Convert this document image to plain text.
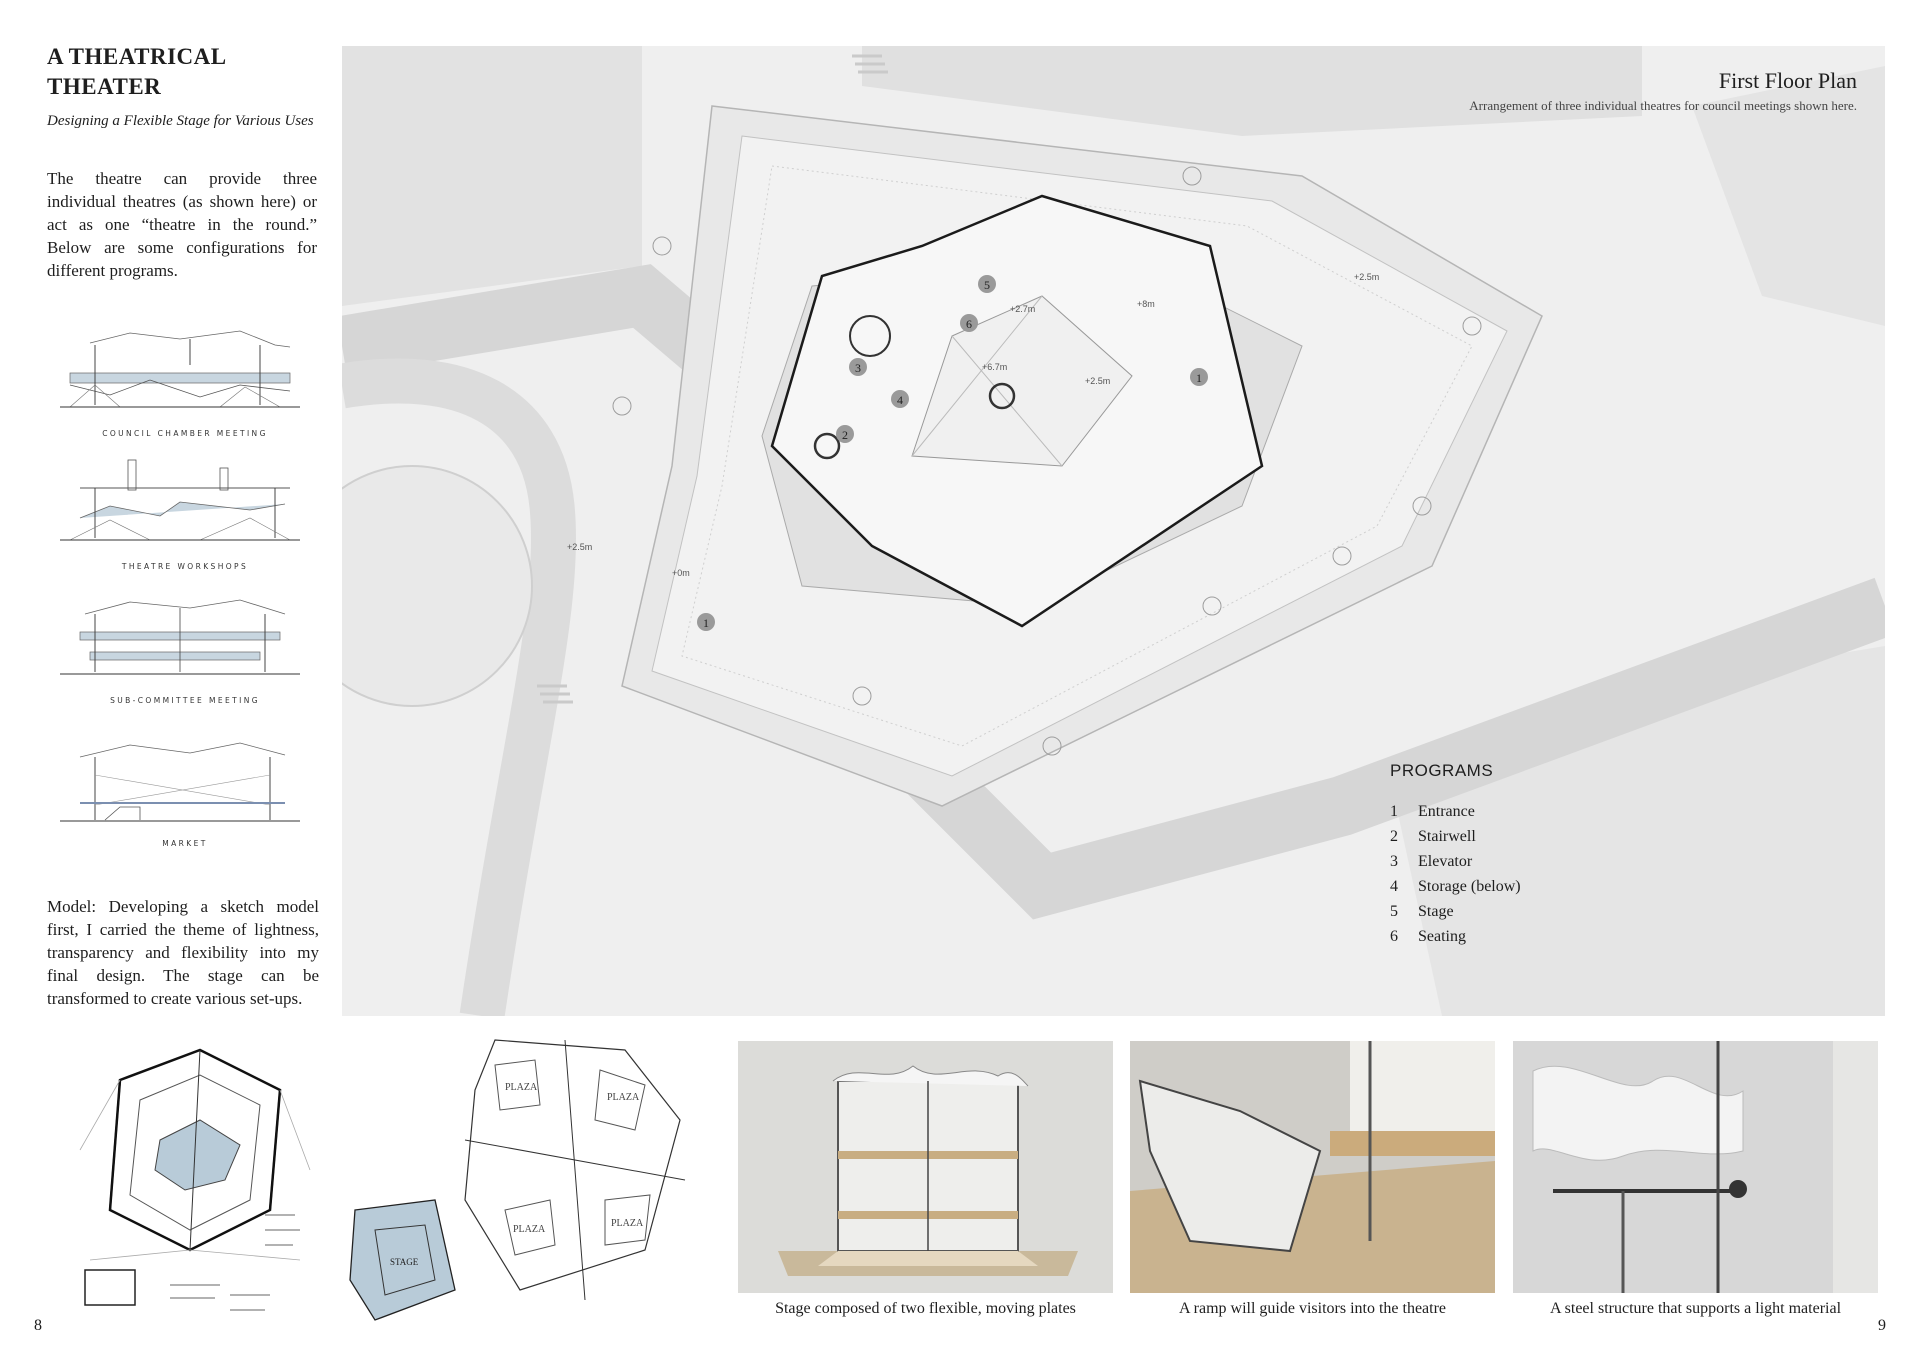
A THEATRICAL THEATER
Designing a Flexible Stage for Various Uses
The theatre can provide three individual theatres (as shown here) or act as one “theatre in the round.” Below are some configurations for different programs.
COUNCIL CHAMBER MEETING
THEATRE WORKSHOPS
SUB-COMMITTEE MEETING
MARKET
Model: Developing a sketch model first, I carried the theme of lightness, transparency and flexibility into my final design. The stage can be transformed to create various set-ups.
5
6
3
4
2
1
1
+2.5m
+0m
+8m
+2.7m
+6.7m
+2.5m
+2.5m
First Floor Plan
Arrangement of three individual theatres for council meetings shown here.
PROGRAMS
1	Entrance
2	Stairwell
3	Elevator
4	Storage (below)
5	Stage
6	Seating
PLAZA
PLAZA
PLAZA
PLAZA
STAGE
Stage composed of two flexible, moving plates	A ramp will guide visitors into the theatre	A steel structure that supports a light material
8	9
